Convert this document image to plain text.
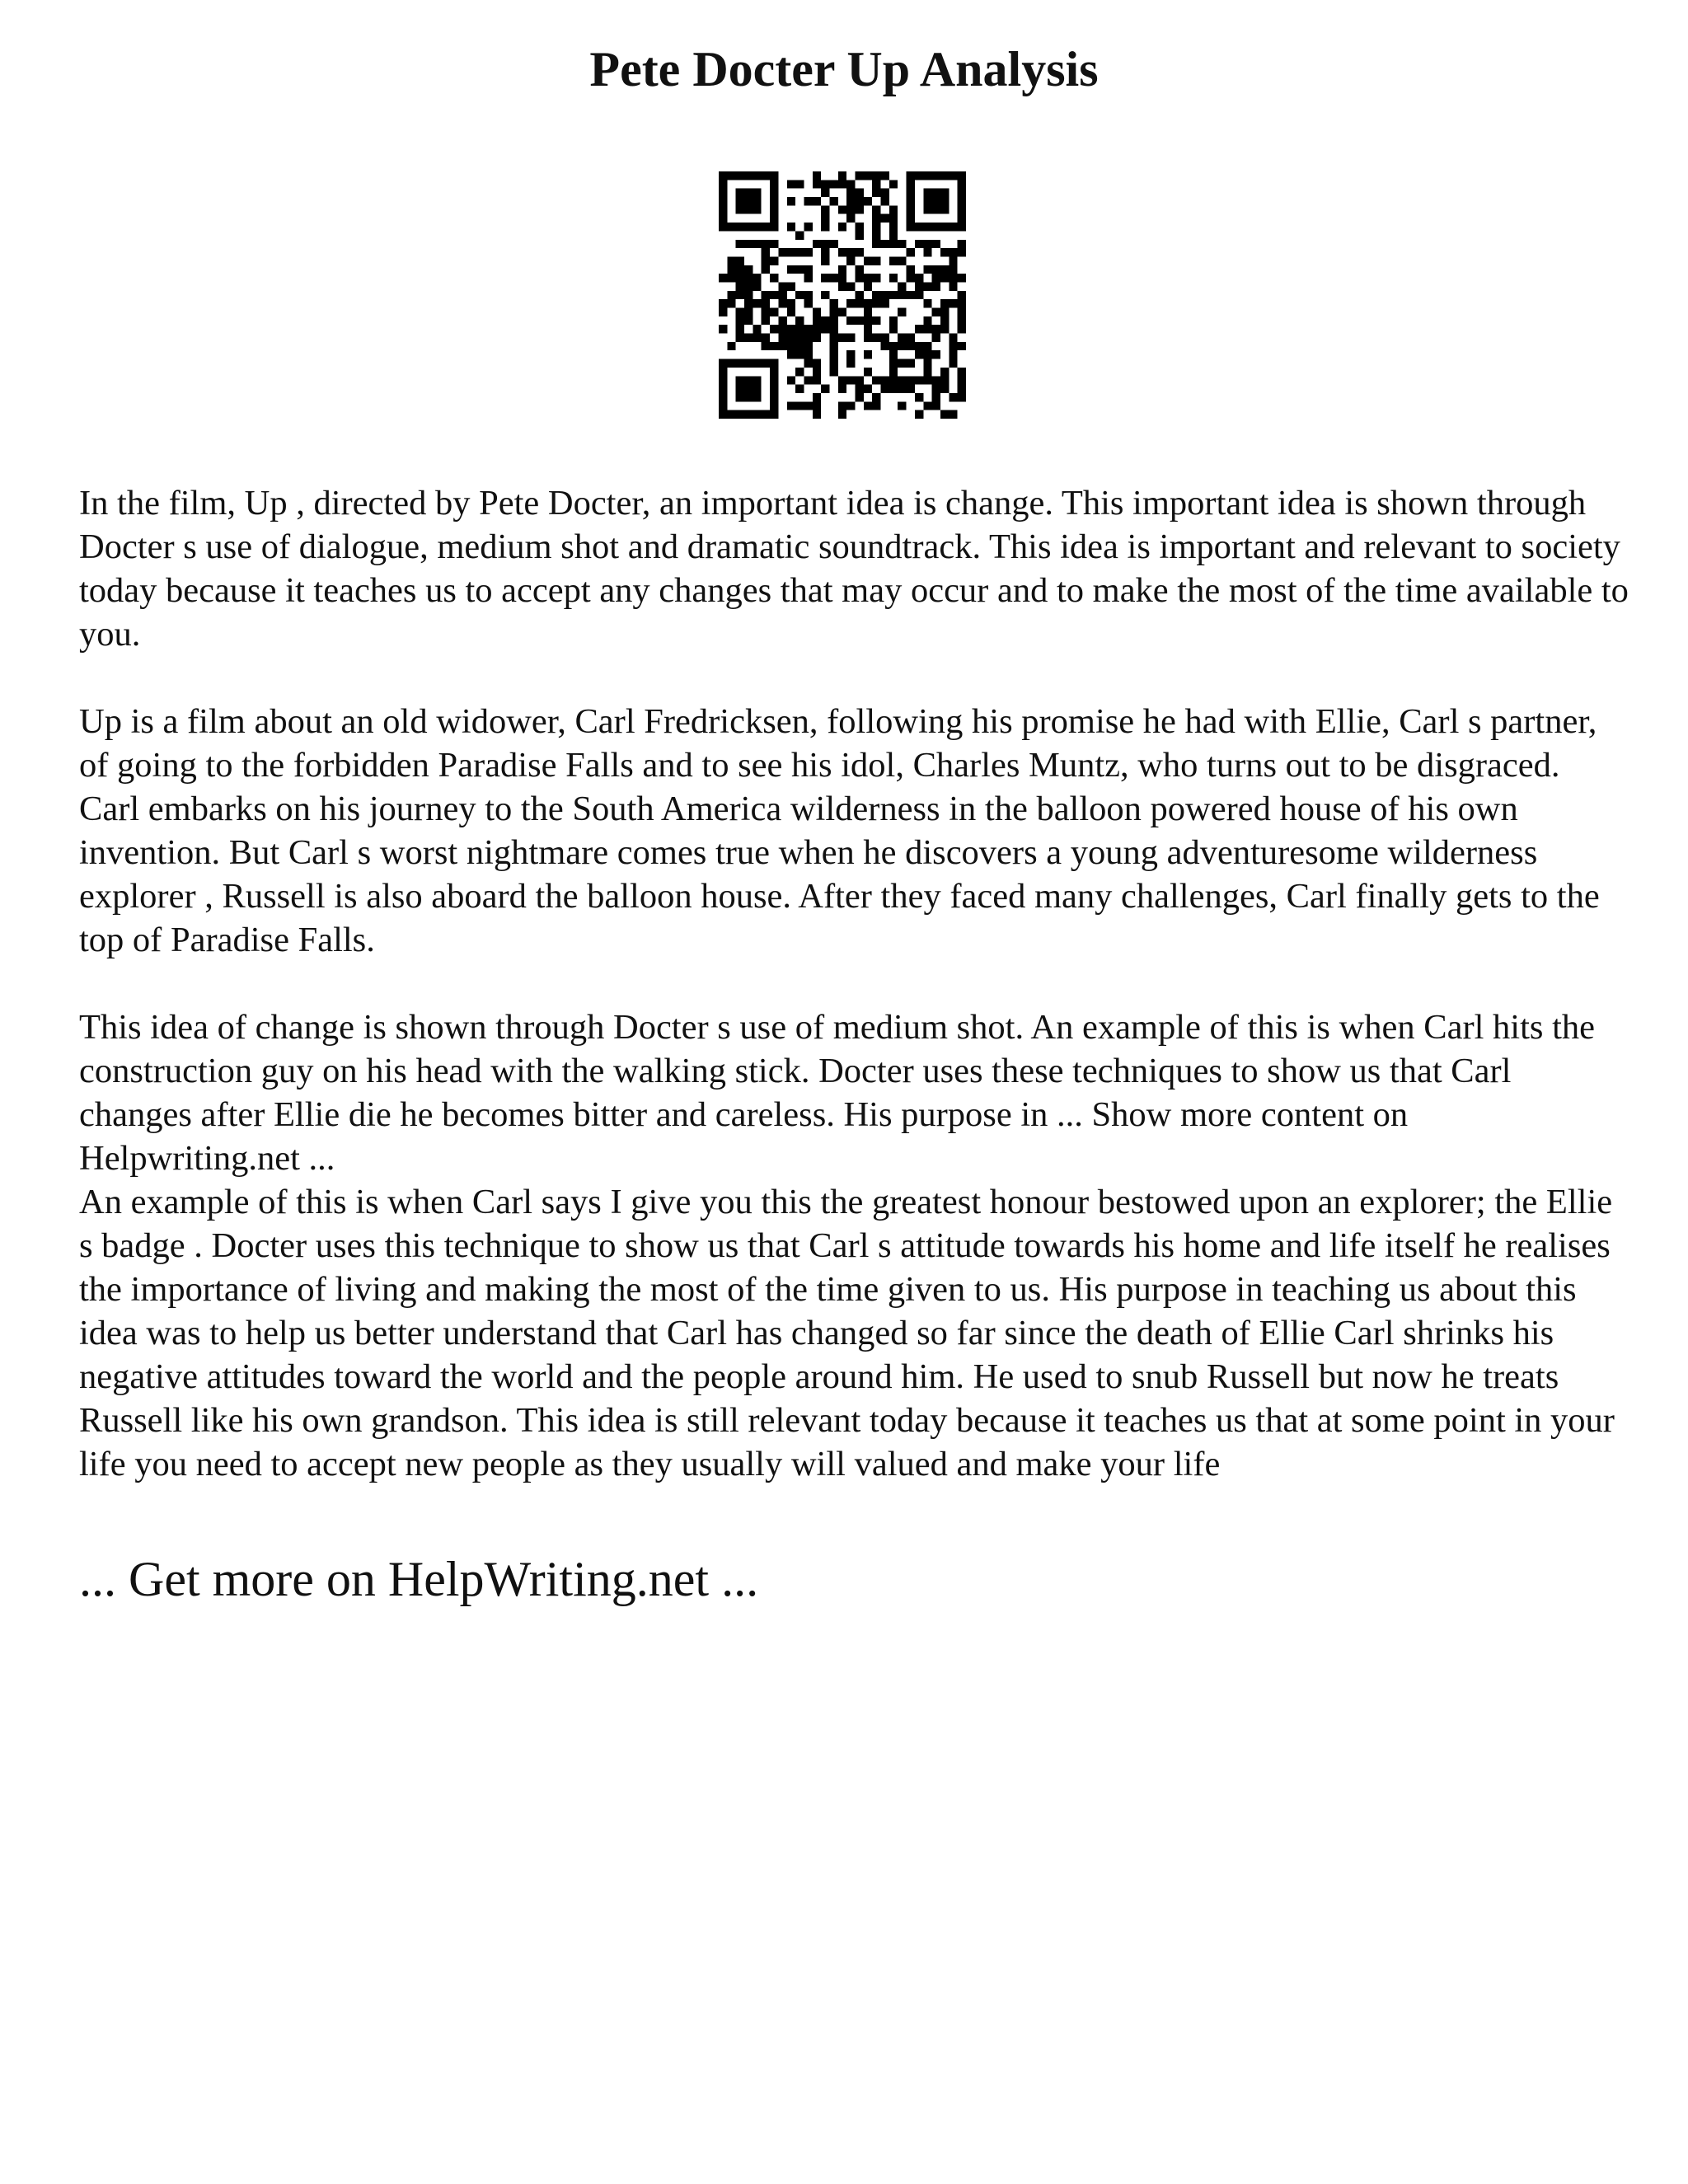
Pete Docter Up Analysis

In the film, Up , directed by Pete Docter, an important idea is change. This important idea is shown through Docter s use of dialogue, medium shot and dramatic soundtrack. This idea is important and relevant to society today because it teaches us to accept any changes that may occur and to make the most of the time available to you.

Up is a film about an old widower, Carl Fredricksen, following his promise he had with Ellie, Carl s partner, of going to the forbidden Paradise Falls and to see his idol, Charles Muntz, who turns out to be disgraced. Carl embarks on his journey to the South America wilderness in the balloon powered house of his own invention. But Carl s worst nightmare comes true when he discovers a young adventuresome wilderness explorer , Russell is also aboard the balloon house. After they faced many challenges, Carl finally gets to the top of Paradise Falls.

This idea of change is shown through Docter s use of medium shot. An example of this is when Carl hits the construction guy on his head with the walking stick. Docter uses these techniques to show us that Carl changes after Ellie die he becomes bitter and careless. His purpose in ... Show more content on Helpwriting.net ...

An example of this is when Carl says I give you this the greatest honour bestowed upon an explorer; the Ellie s badge . Docter uses this technique to show us that Carl s attitude towards his home and life itself he realises the importance of living and making the most of the time given to us. His purpose in teaching us about this idea was to help us better understand that Carl has changed so far since the death of Ellie Carl shrinks his negative attitudes toward the world and the people around him. He used to snub Russell but now he treats Russell like his own grandson. This idea is still relevant today because it teaches us that at some point in your life you need to accept new people as they usually will valued and make your life

... Get more on HelpWriting.net ...
